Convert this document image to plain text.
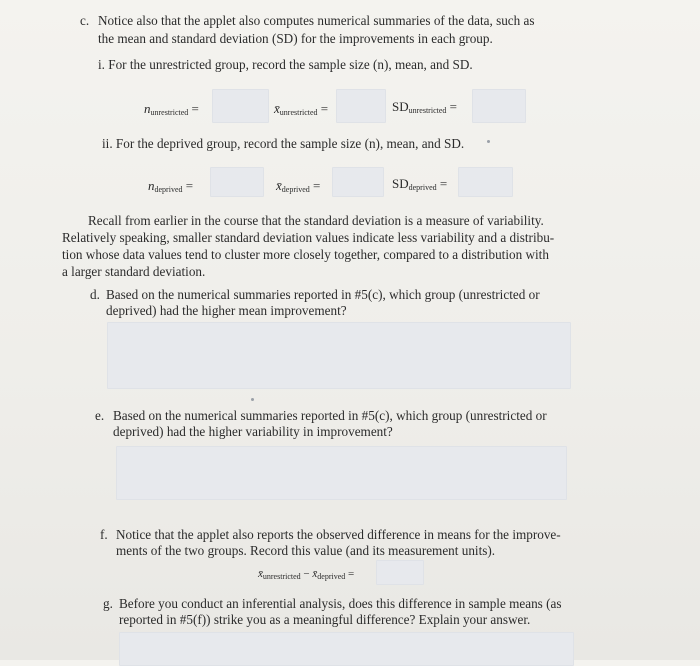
c. Notice also that the applet also computes numerical summaries of the data, such as
the mean and standard deviation (SD) for the improvements in each group.
i. For the unrestricted group, record the sample size (n), mean, and SD.
$n_{unrestricted}$ =	$x̄_{unrestricted}$ =	$SD_{unrestricted}$ =
ii. For the deprived group, record the sample size (n), mean, and SD.
$n_{deprived}$ =	$x̄_{deprived}$ =	$SD_{deprived}$ =
Recall from earlier in the course that the standard deviation is a measure of variability.
Relatively speaking, smaller standard deviation values indicate less variability and a distribu-
tion whose data values tend to cluster more closely together, compared to a distribution with
a larger standard deviation.
d. Based on the numerical summaries reported in #5(c), which group (unrestricted or
deprived) had the higher mean improvement?
e. Based on the numerical summaries reported in #5(c), which group (unrestricted or
deprived) had the higher variability in improvement?
f. Notice that the applet also reports the observed difference in means for the improve-
ments of the two groups. Record this value (and its measurement units).
$x̄_{unrestricted}$ − $x̄_{deprived}$ =
g. Before you conduct an inferential analysis, does this difference in sample means (as
reported in #5(f)) strike you as a meaningful difference? Explain your answer.
